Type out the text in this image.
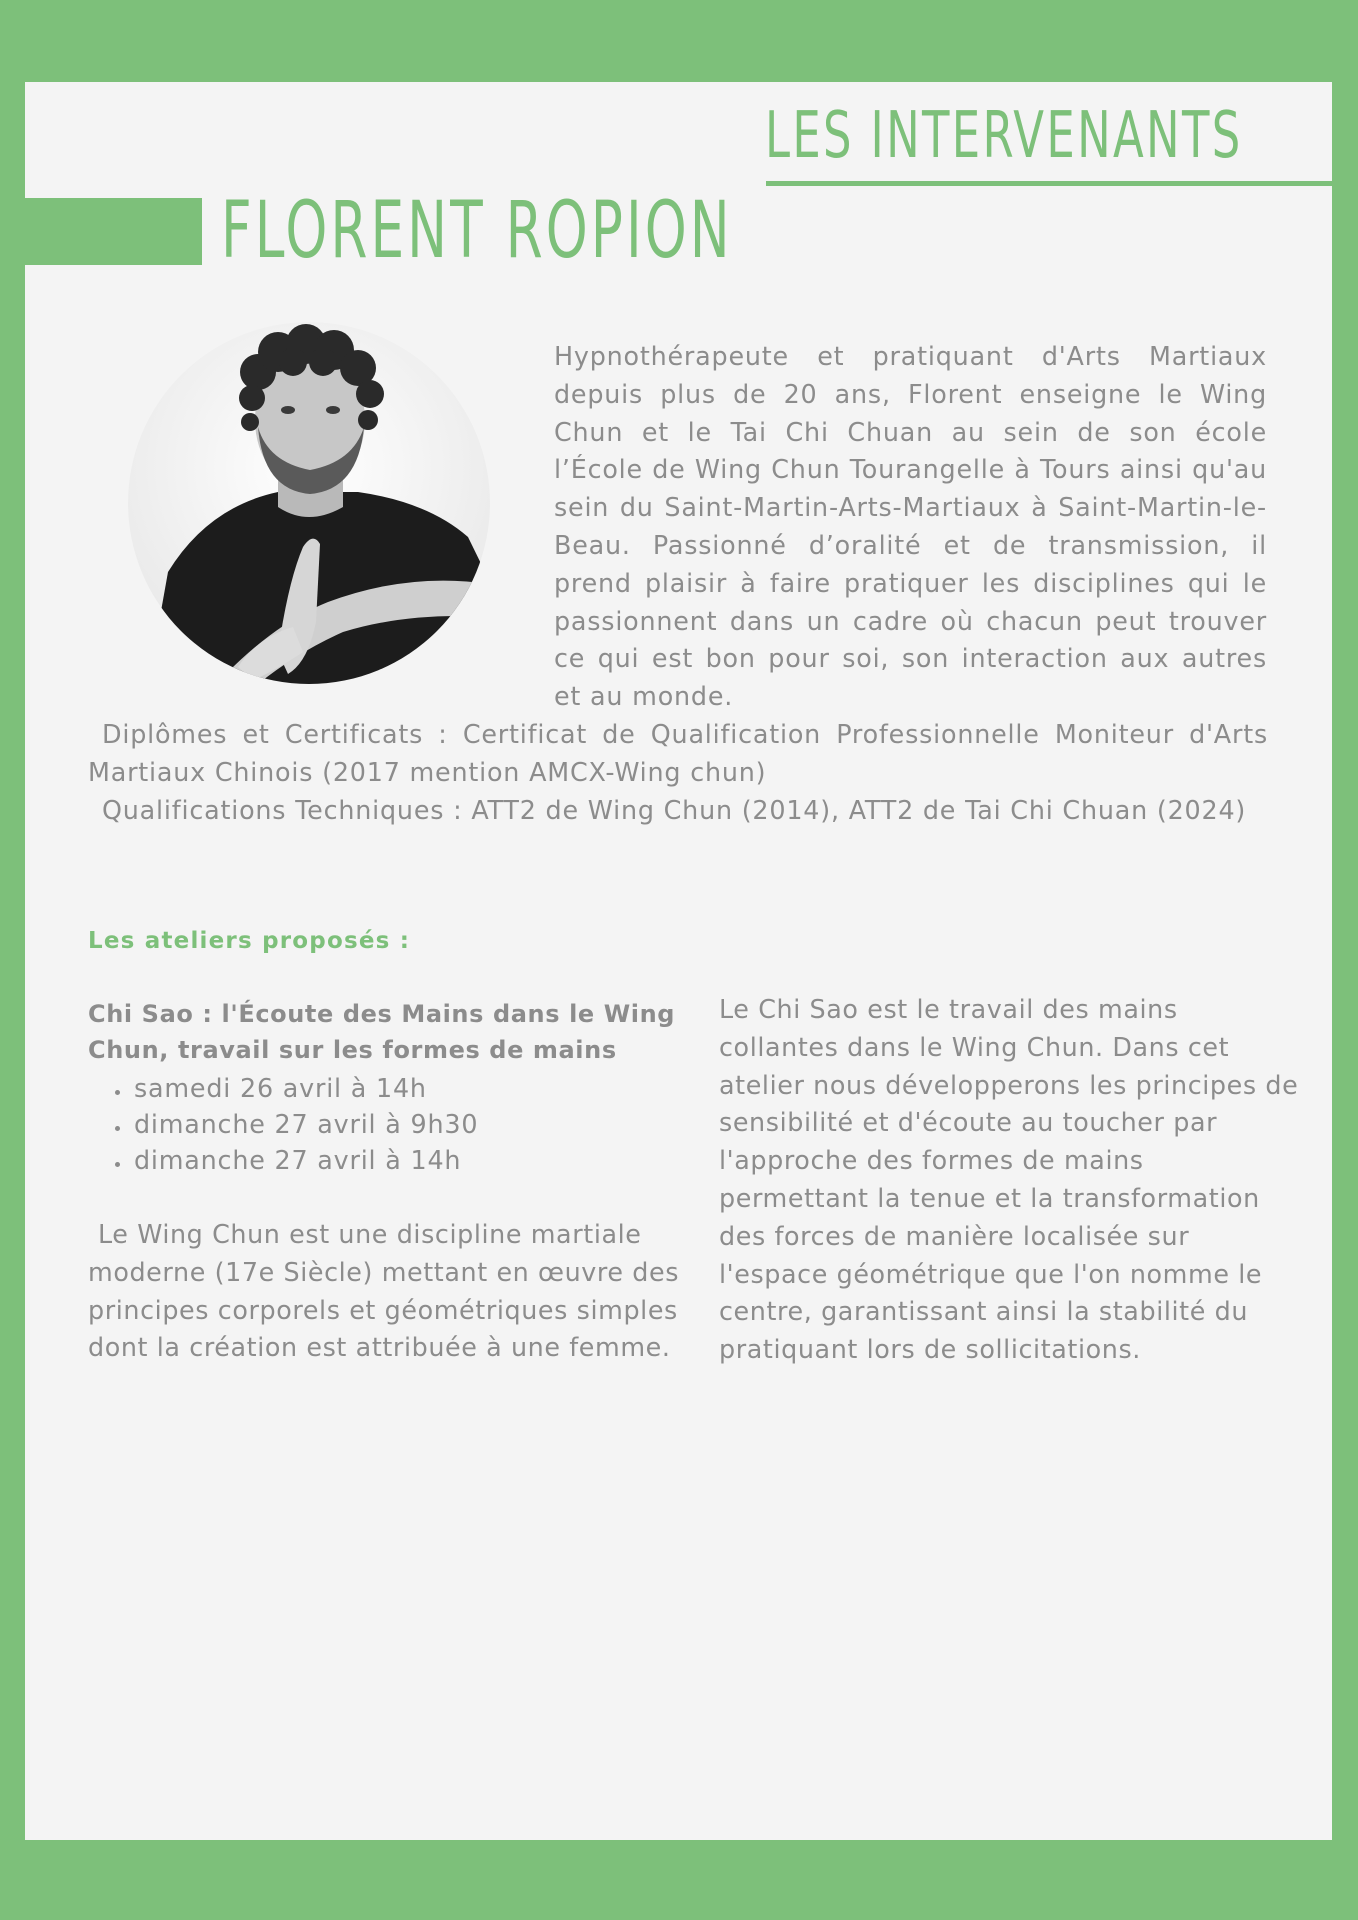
LES INTERVENANTS
FLORENT ROPION

Hypnothérapeute et pratiquant d'Arts Martiaux depuis plus de 20 ans, Florent enseigne le Wing Chun et le Tai Chi Chuan au sein de son école l’École de Wing Chun Tourangelle à Tours ainsi qu'au sein du Saint-Martin-Arts-Martiaux à Saint-Martin-le-Beau. Passionné d’oralité et de transmission, il prend plaisir à faire pratiquer les disciplines qui le passionnent dans un cadre où chacun peut trouver ce qui est bon pour soi, son interaction aux autres et au monde.

Diplômes et Certificats : Certificat de Qualification Professionnelle Moniteur d'Arts Martiaux Chinois (2017 mention AMCX-Wing chun)

Qualifications Techniques : ATT2 de Wing Chun (2014), ATT2 de Tai Chi Chuan (2024)

Les ateliers proposés :
Chi Sao : l'Écoute des Mains dans le Wing Chun, travail sur les formes de mains
• samedi 26 avril à 14h
• dimanche 27 avril à 9h30
• dimanche 27 avril à 14h

Le Wing Chun est une discipline martiale moderne (17e Siècle) mettant en œuvre des principes corporels et géométriques simples dont la création est attribuée à une femme.

Le Chi Sao est le travail des mains collantes dans le Wing Chun. Dans cet atelier nous développerons les principes de sensibilité et d'écoute au toucher par l'approche des formes de mains permettant la tenue et la transformation des forces de manière localisée sur l'espace géométrique que l'on nomme le centre, garantissant ainsi la stabilité du pratiquant lors de sollicitations.
